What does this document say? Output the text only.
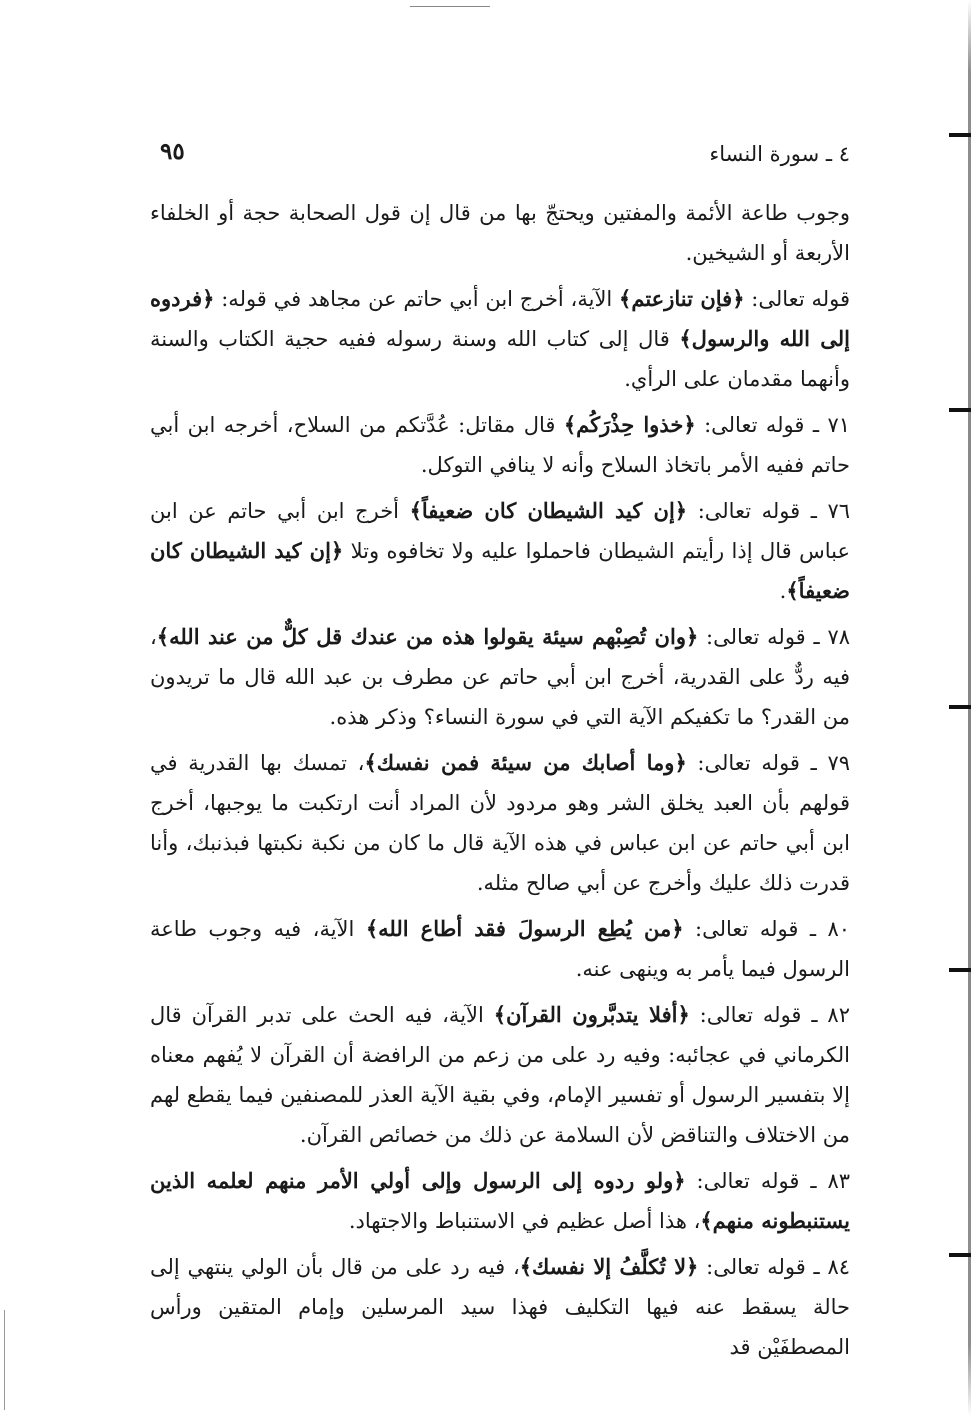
٤ ـ سورة النساء
٩٥

وجوب طاعة الأئمة والمفتين ويحتجّ بها من قال إن قول الصحابة حجة أو الخلفاء الأربعة أو الشيخين.

قوله تعالى: ﴿فإن تنازعتم﴾ الآية، أخرج ابن أبي حاتم عن مجاهد في قوله: ﴿فردوه إلى الله والرسول﴾ قال إلى كتاب الله وسنة رسوله ففيه حجية الكتاب والسنة وأنهما مقدمان على الرأي.

٧١ ـ قوله تعالى: ﴿خذوا حِذْرَكُم﴾ قال مقاتل: عُدَّتكم من السلاح، أخرجه ابن أبي حاتم ففيه الأمر باتخاذ السلاح وأنه لا ينافي التوكل.

٧٦ ـ قوله تعالى: ﴿إن كيد الشيطان كان ضعيفاً﴾ أخرج ابن أبي حاتم عن ابن عباس قال إذا رأيتم الشيطان فاحملوا عليه ولا تخافوه وتلا ﴿إن كيد الشيطان كان ضعيفاً﴾.

٧٨ ـ قوله تعالى: ﴿وان تُصِبْهم سيئة يقولوا هذه من عندك قل كلٌّ من عند الله﴾، فيه ردٌّ على القدرية، أخرج ابن أبي حاتم عن مطرف بن عبد الله قال ما تريدون من القدر؟ ما تكفيكم الآية التي في سورة النساء؟ وذكر هذه.

٧٩ ـ قوله تعالى: ﴿وما أصابك من سيئة فمن نفسك﴾، تمسك بها القدرية في قولهم بأن العبد يخلق الشر وهو مردود لأن المراد أنت ارتكبت ما يوجبها، أخرج ابن أبي حاتم عن ابن عباس في هذه الآية قال ما كان من نكبة نكبتها فبذنبك، وأنا قدرت ذلك عليك وأخرج عن أبي صالح مثله.

٨٠ ـ قوله تعالى: ﴿من يُطِع الرسولَ فقد أطاع الله﴾ الآية، فيه وجوب طاعة الرسول فيما يأمر به وينهى عنه.

٨٢ ـ قوله تعالى: ﴿أفلا يتدبَّرون القرآن﴾ الآية، فيه الحث على تدبر القرآن قال الكرماني في عجائبه: وفيه رد على من زعم من الرافضة أن القرآن لا يُفهم معناه إلا بتفسير الرسول أو تفسير الإمام، وفي بقية الآية العذر للمصنفين فيما يقطع لهم من الاختلاف والتناقض لأن السلامة عن ذلك من خصائص القرآن.

٨٣ ـ قوله تعالى: ﴿ولو ردوه إلى الرسول وإلى أولي الأمر منهم لعلمه الذين يستنبطونه منهم﴾، هذا أصل عظيم في الاستنباط والاجتهاد.

٨٤ ـ قوله تعالى: ﴿لا تُكلَّفُ إلا نفسك﴾، فيه رد على من قال بأن الولي ينتهي إلى حالة يسقط عنه فيها التكليف فهذا سيد المرسلين وإمام المتقين ورأس المصطفَيْن قد
